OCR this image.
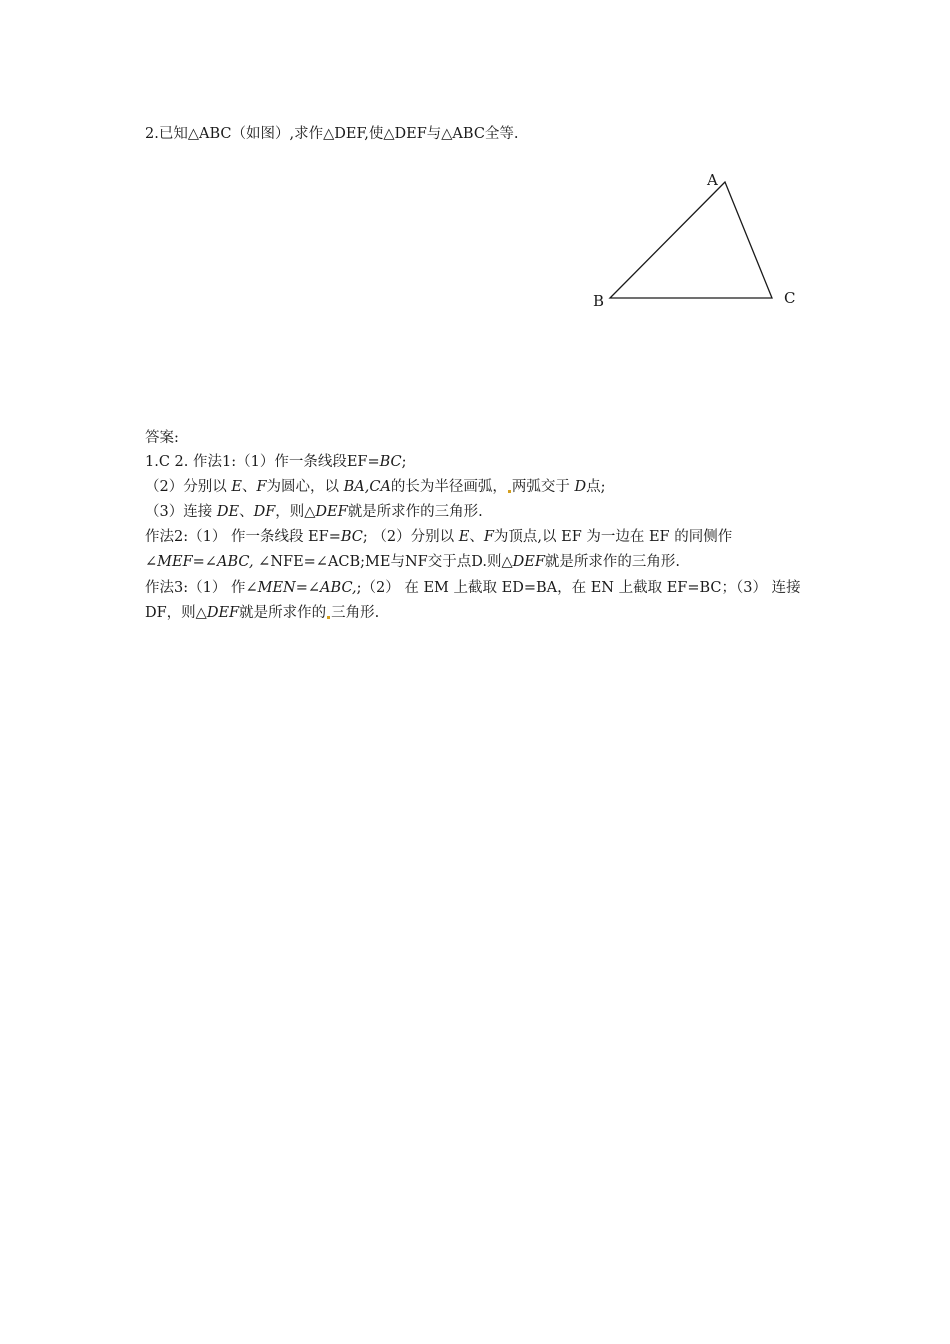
2.已知△ABC（如图）,求作△DEF,使△DEF与△ABC全等.
A
B	C
答案:
1.C 2. 作法1:（1）作一条线段EF=BC;
（2）分别以 E、F为圆心，以 BA,CA的长为半径画弧， 两弧交于 D点;
（3）连接 DE、DF，则△DEF就是所求作的三角形.
作法2:（1） 作一条线段 EF=BC; （2）分别以 E、F为顶点,以 EF 为一边在 EF 的同侧作
∠MEF=∠ABC, ∠NFE=∠ACB;ME与NF交于点D.则△DEF就是所求作的三角形.
作法3:（1） 作∠MEN=∠ABC,;（2） 在 EM 上截取 ED=BA，在 EN 上截取 EF=BC；（3） 连接
DF，则△DEF就是所求作的 三角形.
